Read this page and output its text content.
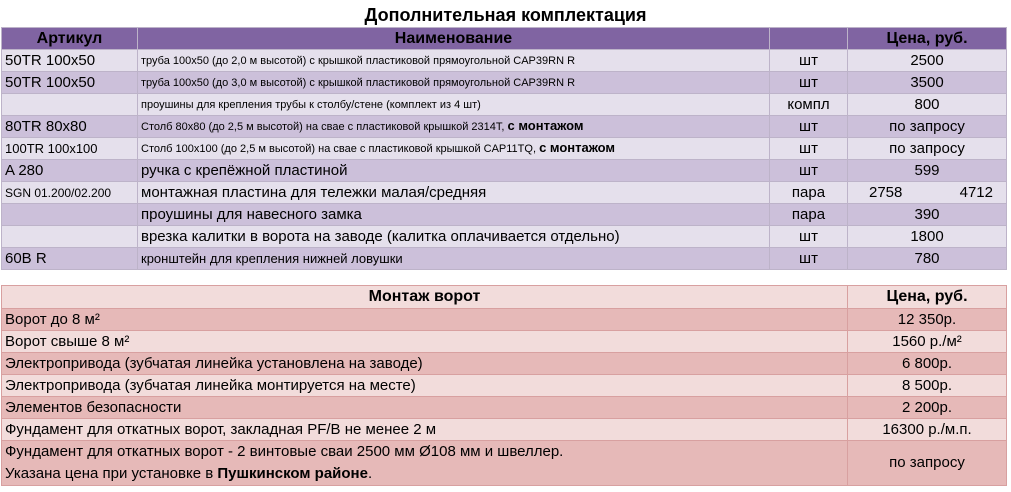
Дополнительная комплектация
Артикул	Наименование		Цена, руб.
50TR 100x50	труба 100х50 (до 2,0 м высотой) с крышкой пластиковой прямоугольной CAP39RN R	шт	2500
50TR 100x50	труба 100х50 (до 3,0 м высотой) с крышкой пластиковой прямоугольной CAP39RN R	шт	3500
	проушины для крепления трубы к столбу/стене (комплект из 4 шт)	компл	800
80TR 80x80	Столб 80х80 (до 2,5 м высотой) на свае с пластиковой крышкой 2314Т, с монтажом	шт	по запросу
100TR 100x100	Столб 100х100 (до 2,5 м высотой) на свае с пластиковой крышкой CAP11TQ, с монтажом	шт	по запросу
A 280	ручка с крепёжной пластиной	шт	599
SGN 01.200/02.200	монтажная пластина для тележки малая/средняя	пара	2758 4712

	проушины для навесного замка	пара	390
	врезка калитки в ворота на заводе (калитка оплачивается отдельно)	шт	1800
60B R	кронштейн для крепления нижней ловушки	шт	780
Монтаж ворот	Цена, руб.
Ворот до 8 м²	12 350р.
Ворот свыше 8 м²	1560 р./м²
Электропривода (зубчатая линейка установлена на заводе)	6 800р.
Электропривода (зубчатая линейка монтируется на месте)	8 500р.
Элементов безопасности	2 200р.
Фундамент для откатных ворот, закладная PF/B не менее 2 м	16300 р./м.п.
Фундамент для откатных ворот - 2 винтовые сваи 2500 мм Ø108 мм и швеллер.
Указана цена при установке в Пушкинском районе.	по запросу
